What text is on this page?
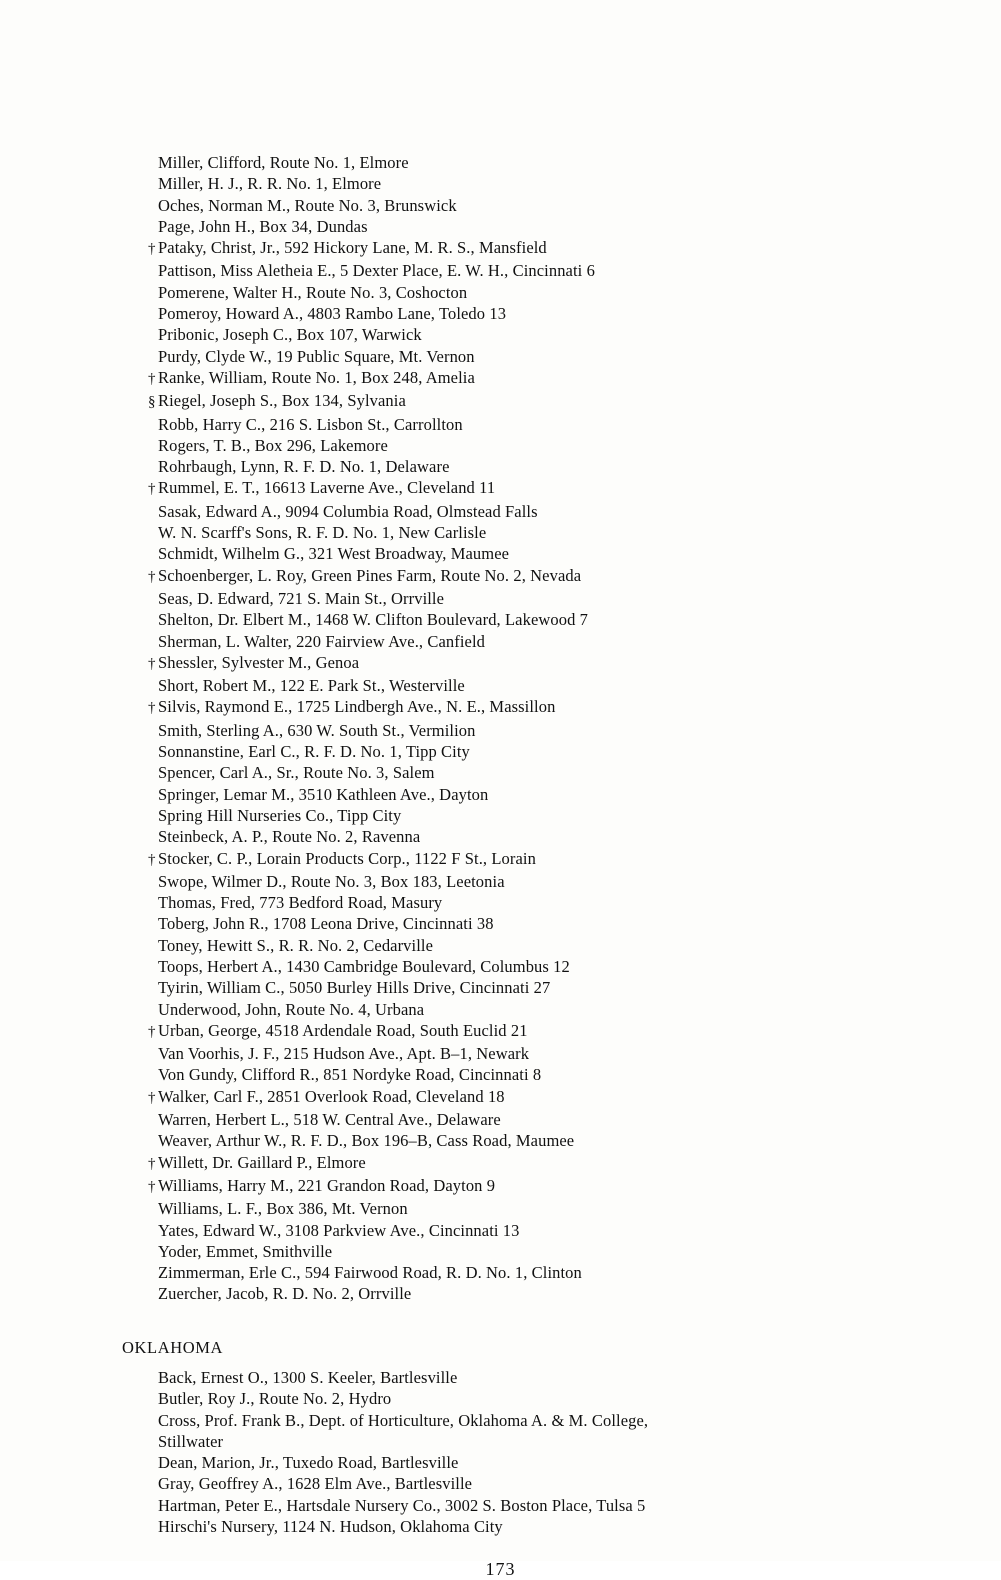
Miller, Clifford, Route No. 1, Elmore
Miller, H. J., R. R. No. 1, Elmore
Oches, Norman M., Route No. 3, Brunswick
Page, John H., Box 34, Dundas
† Pataky, Christ, Jr., 592 Hickory Lane, M. R. S., Mansfield
Pattison, Miss Aletheia E., 5 Dexter Place, E. W. H., Cincinnati 6
Pomerene, Walter H., Route No. 3, Coshocton
Pomeroy, Howard A., 4803 Rambo Lane, Toledo 13
Pribonic, Joseph C., Box 107, Warwick
Purdy, Clyde W., 19 Public Square, Mt. Vernon
† Ranke, William, Route No. 1, Box 248, Amelia
§ Riegel, Joseph S., Box 134, Sylvania
Robb, Harry C., 216 S. Lisbon St., Carrollton
Rogers, T. B., Box 296, Lakemore
Rohrbaugh, Lynn, R. F. D. No. 1, Delaware
† Rummel, E. T., 16613 Laverne Ave., Cleveland 11
Sasak, Edward A., 9094 Columbia Road, Olmstead Falls
W. N. Scarff's Sons, R. F. D. No. 1, New Carlisle
Schmidt, Wilhelm G., 321 West Broadway, Maumee
† Schoenberger, L. Roy, Green Pines Farm, Route No. 2, Nevada
Seas, D. Edward, 721 S. Main St., Orrville
Shelton, Dr. Elbert M., 1468 W. Clifton Boulevard, Lakewood 7
Sherman, L. Walter, 220 Fairview Ave., Canfield
† Shessler, Sylvester M., Genoa
Short, Robert M., 122 E. Park St., Westerville
† Silvis, Raymond E., 1725 Lindbergh Ave., N. E., Massillon
Smith, Sterling A., 630 W. South St., Vermilion
Sonnanstine, Earl C., R. F. D. No. 1, Tipp City
Spencer, Carl A., Sr., Route No. 3, Salem
Springer, Lemar M., 3510 Kathleen Ave., Dayton
Spring Hill Nurseries Co., Tipp City
Steinbeck, A. P., Route No. 2, Ravenna
† Stocker, C. P., Lorain Products Corp., 1122 F St., Lorain
Swope, Wilmer D., Route No. 3, Box 183, Leetonia
Thomas, Fred, 773 Bedford Road, Masury
Toberg, John R., 1708 Leona Drive, Cincinnati 38
Toney, Hewitt S., R. R. No. 2, Cedarville
Toops, Herbert A., 1430 Cambridge Boulevard, Columbus 12
Tyirin, William C., 5050 Burley Hills Drive, Cincinnati 27
Underwood, John, Route No. 4, Urbana
† Urban, George, 4518 Ardendale Road, South Euclid 21
Van Voorhis, J. F., 215 Hudson Ave., Apt. B–1, Newark
Von Gundy, Clifford R., 851 Nordyke Road, Cincinnati 8
† Walker, Carl F., 2851 Overlook Road, Cleveland 18
Warren, Herbert L., 518 W. Central Ave., Delaware
Weaver, Arthur W., R. F. D., Box 196–B, Cass Road, Maumee
† Willett, Dr. Gaillard P., Elmore
† Williams, Harry M., 221 Grandon Road, Dayton 9
Williams, L. F., Box 386, Mt. Vernon
Yates, Edward W., 3108 Parkview Ave., Cincinnati 13
Yoder, Emmet, Smithville
Zimmerman, Erle C., 594 Fairwood Road, R. D. No. 1, Clinton
Zuercher, Jacob, R. D. No. 2, Orrville
OKLAHOMA
Back, Ernest O., 1300 S. Keeler, Bartlesville
Butler, Roy J., Route No. 2, Hydro
Cross, Prof. Frank B., Dept. of Horticulture, Oklahoma A. & M. College,
Stillwater
Dean, Marion, Jr., Tuxedo Road, Bartlesville
Gray, Geoffrey A., 1628 Elm Ave., Bartlesville
Hartman, Peter E., Hartsdale Nursery Co., 3002 S. Boston Place, Tulsa 5
Hirschi's Nursery, 1124 N. Hudson, Oklahoma City
173
